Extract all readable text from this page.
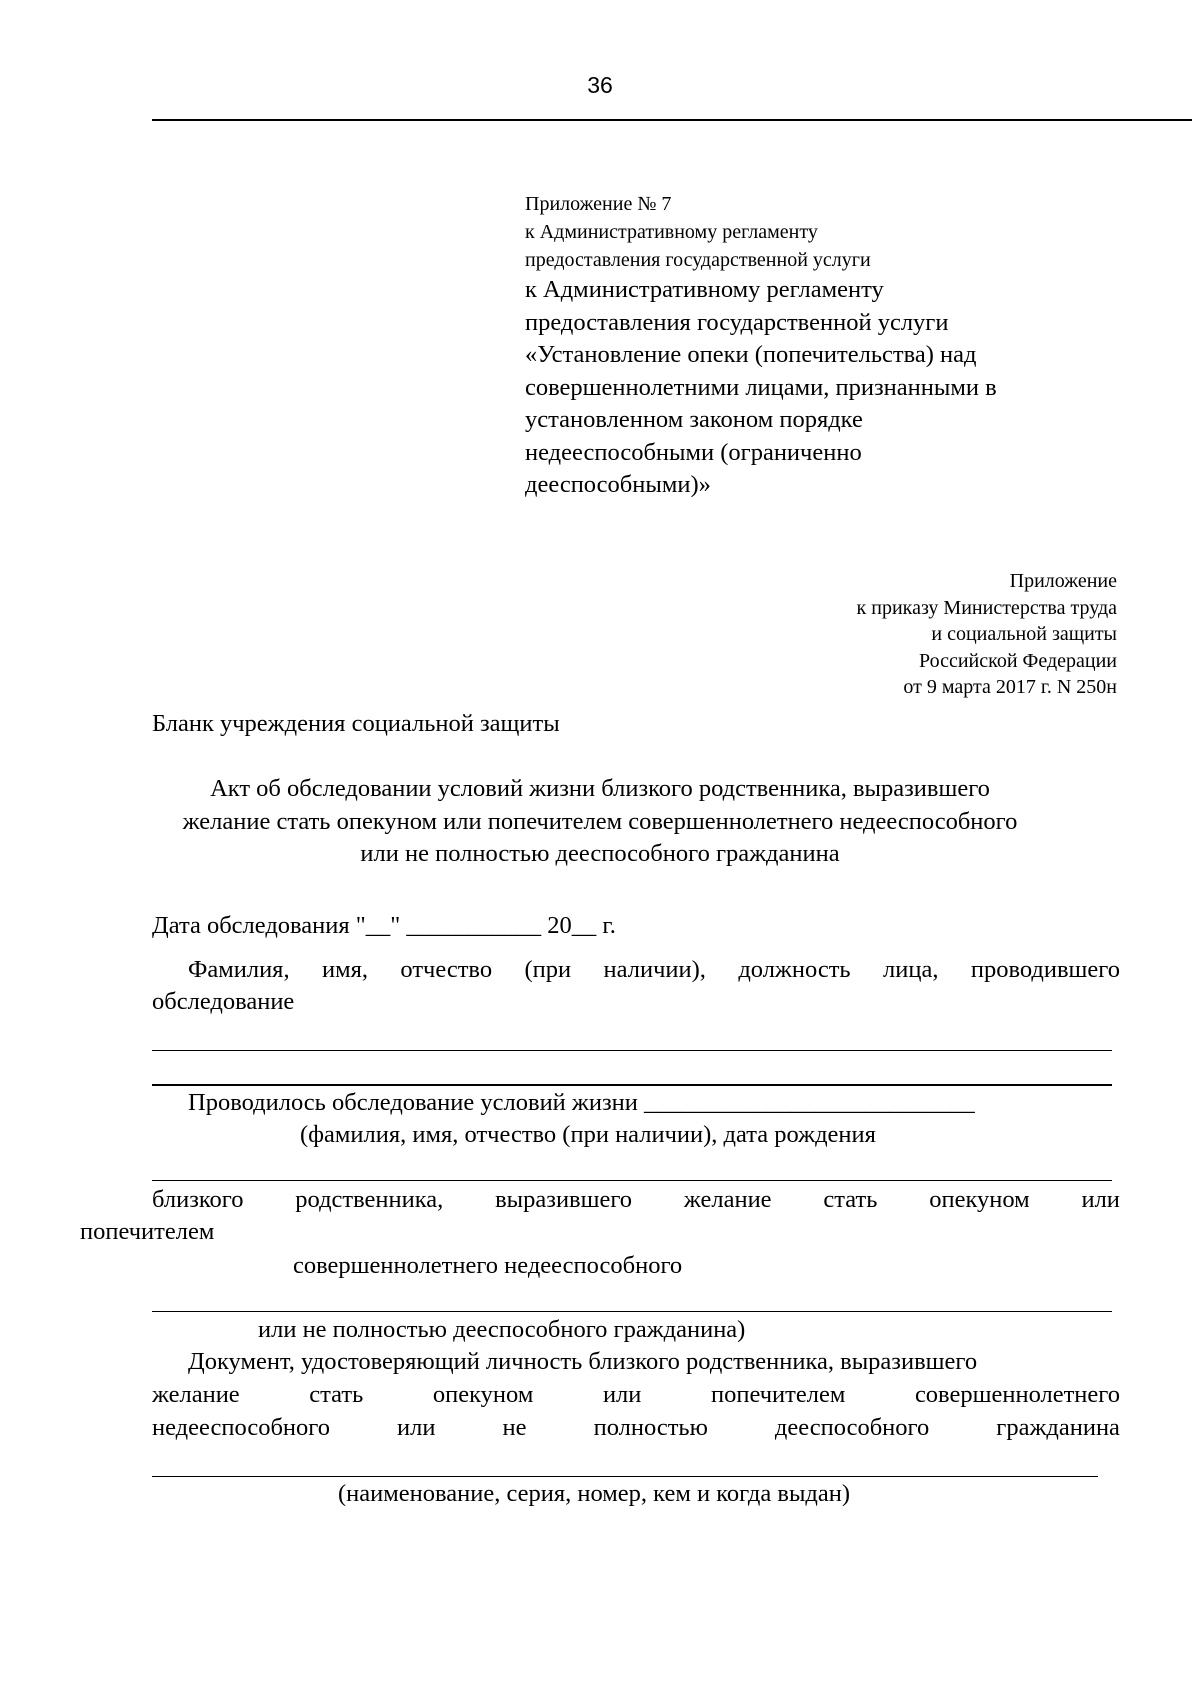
36
Приложение № 7
к Административному регламенту
предоставления государственной услуги
к Административному регламенту
предоставления государственной услуги
«Установление опеки (попечительства) над
совершеннолетними лицами, признанными в
установленном законом порядке
недееспособными (ограниченно
дееспособными)»
Приложение
к приказу Министерства труда
и социальной защиты
Российской Федерации
от 9 марта 2017 г. N 250н
Бланк учреждения социальной защиты
Акт об обследовании условий жизни близкого родственника, выразившего
желание стать опекуном или попечителем совершеннолетнего недееспособного
или не полностью дееспособного гражданина
Дата обследования "__" ___________ 20__ г.
Фамилия, имя, отчество (при наличии), должность лица, проводившего
обследование
Проводилось обследование условий жизни ___________________________
(фамилия, имя, отчество (при наличии), дата рождения
близкого родственника, выразившего желание стать опекуном или
попечителем
совершеннолетнего недееспособного
или не полностью дееспособного гражданина)
Документ, удостоверяющий личность близкого родственника, выразившего
желание	стать	опекуном	или	попечителем	совершеннолетнего
недееспособного	или	не	полностью	дееспособного	гражданина
(наименование, серия, номер, кем и когда выдан)
